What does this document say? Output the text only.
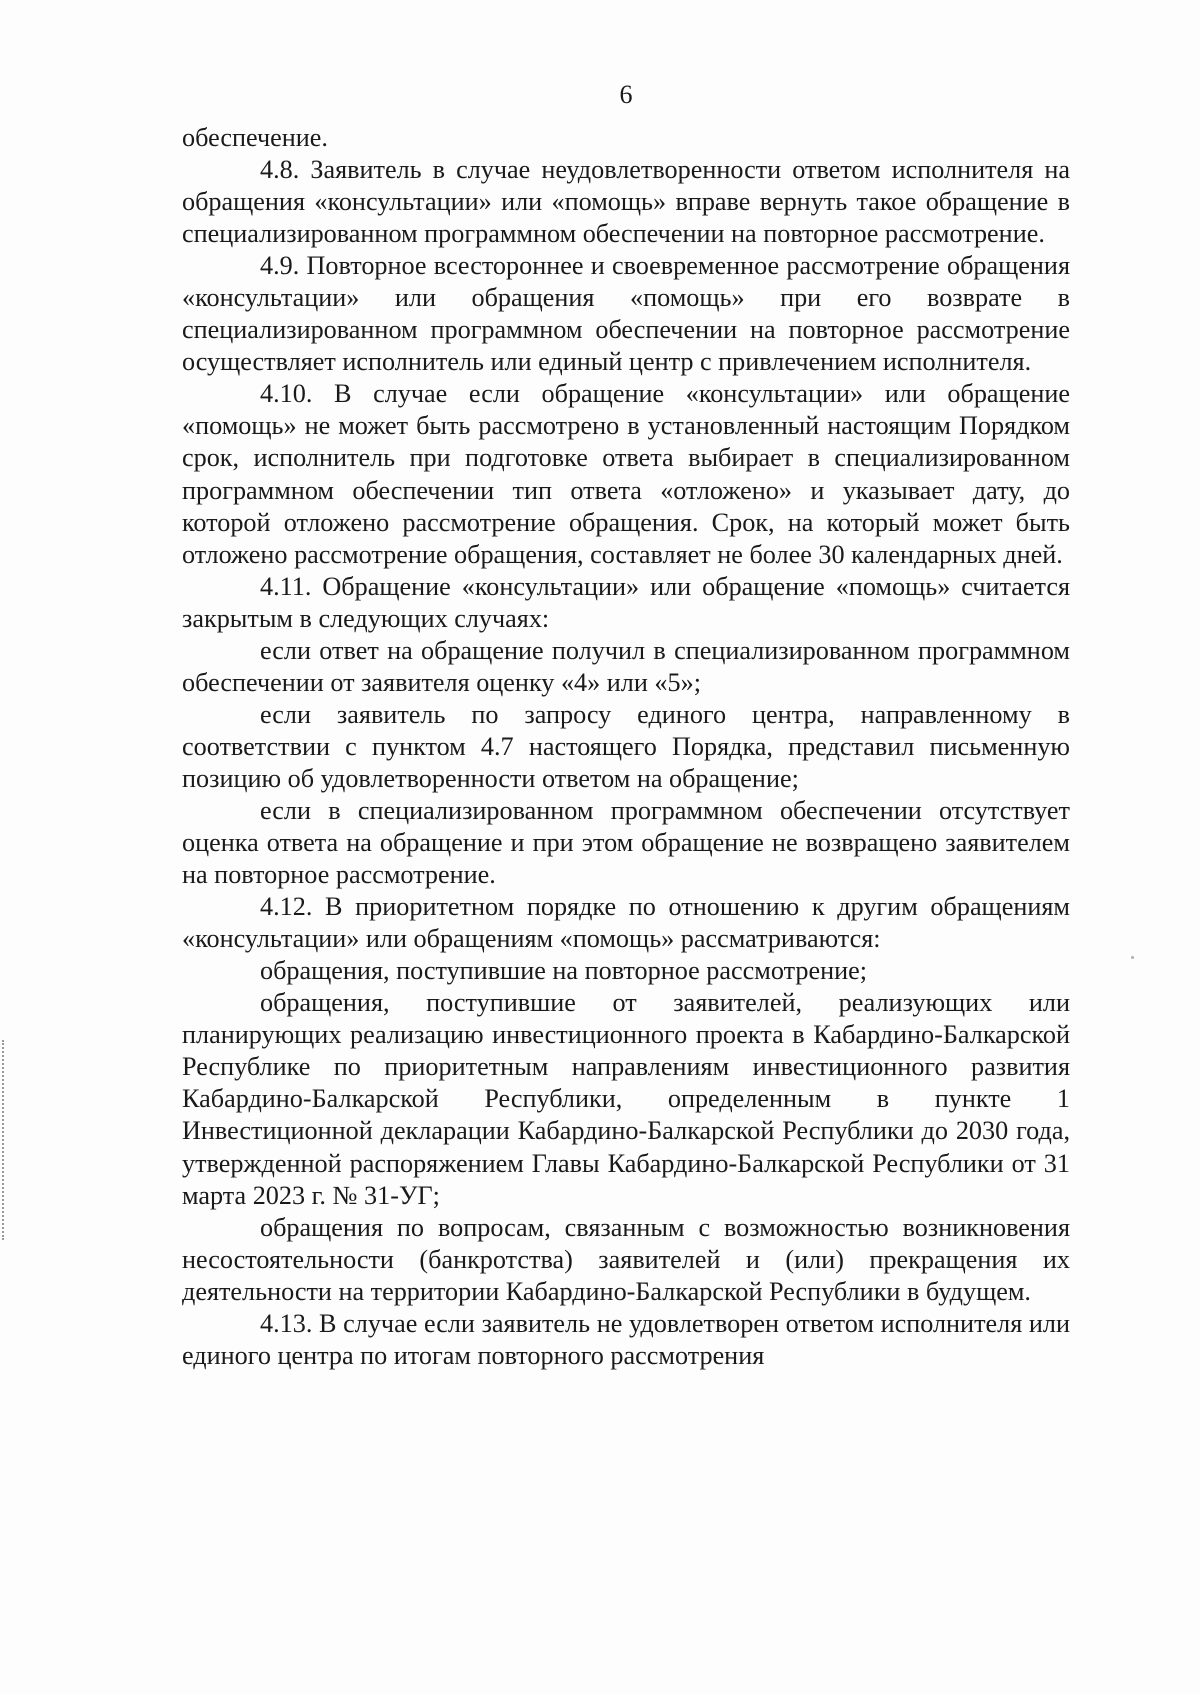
6

обеспечение.

4.8. Заявитель в случае неудовлетворенности ответом исполнителя на обращения «консультации» или «помощь» вправе вернуть такое обращение в специализированном программном обеспечении на повторное рассмотрение.

4.9. Повторное всестороннее и своевременное рассмотрение обращения «консультации» или обращения «помощь» при его возврате в специализированном программном обеспечении на повторное рассмотрение осуществляет исполнитель или единый центр с привлечением исполнителя.

4.10. В случае если обращение «консультации» или обращение «помощь» не может быть рассмотрено в установленный настоящим Порядком срок, исполнитель при подготовке ответа выбирает в специализированном программном обеспечении тип ответа «отложено» и указывает дату, до которой отложено рассмотрение обращения. Срок, на который может быть отложено рассмотрение обращения, составляет не более 30 календарных дней.

4.11. Обращение «консультации» или обращение «помощь» считается закрытым в следующих случаях:

если ответ на обращение получил в специализированном программном обеспечении от заявителя оценку «4» или «5»;

если заявитель по запросу единого центра, направленному в соответствии с пунктом 4.7 настоящего Порядка, представил письменную позицию об удовлетворенности ответом на обращение;

если в специализированном программном обеспечении отсутствует оценка ответа на обращение и при этом обращение не возвращено заявителем на повторное рассмотрение.

4.12. В приоритетном порядке по отношению к другим обращениям «консультации» или обращениям «помощь» рассматриваются:

обращения, поступившие на повторное рассмотрение;

обращения, поступившие от заявителей, реализующих или планирующих реализацию инвестиционного проекта в Кабардино-Балкарской Республике по приоритетным направлениям инвестиционного развития Кабардино-Балкарской Республики, определенным в пункте 1 Инвестиционной декларации Кабардино-Балкарской Республики до 2030 года, утвержденной распоряжением Главы Кабардино-Балкарской Республики от 31 марта 2023 г. № 31-УГ;

обращения по вопросам, связанным с возможностью возникновения несостоятельности (банкротства) заявителей и (или) прекращения их деятельности на территории Кабардино-Балкарской Республики в будущем.

4.13. В случае если заявитель не удовлетворен ответом исполнителя или единого центра по итогам повторного рассмотрения
